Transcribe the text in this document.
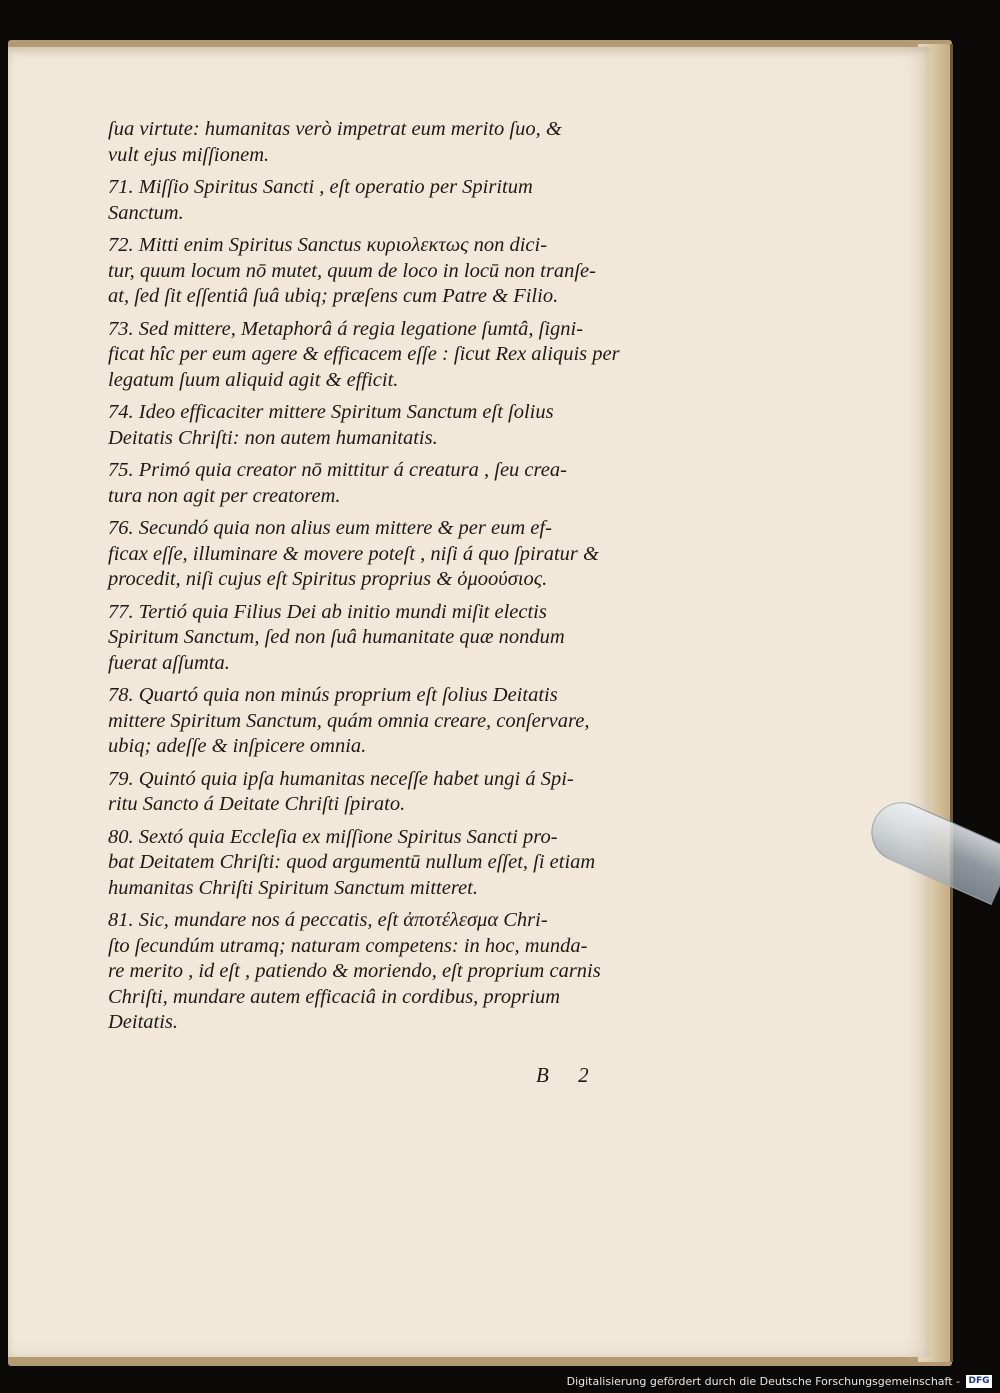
ſua virtute: humanitas verò impetrat eum merito ſuo, &
vult ejus miſſionem.
71. Miſſio Spiritus Sancti , eſt operatio per Spiritum
Sanctum.
72. Mitti enim Spiritus Sanctus κυριολεκτως non dici-
tur, quum locum nō mutet, quum de loco in locū non tranſe-
at, ſed ſit eſſentiâ ſuâ ubiq; præſens cum Patre & Filio.
73. Sed mittere, Metaphorâ á regia legatione ſumtâ, ſigni-
ficat hîc per eum agere & efficacem eſſe : ſicut Rex aliquis per
legatum ſuum aliquid agit & efficit.
74. Ideo efficaciter mittere Spiritum Sanctum eſt ſolius
Deitatis Chriſti: non autem humanitatis.
75. Primó quia creator nō mittitur á creatura , ſeu crea-
tura non agit per creatorem.
76. Secundó quia non alius eum mittere & per eum ef-
ficax eſſe, illuminare & movere poteſt , niſi á quo ſpiratur &
procedit, niſi cujus eſt Spiritus proprius & ὁμοούσιος.
77. Tertió quia Filius Dei ab initio mundi miſit electis
Spiritum Sanctum, ſed non ſuâ humanitate quæ nondum
fuerat aſſumta.
78. Quartó quia non minús proprium eſt ſolius Deitatis
mittere Spiritum Sanctum, quám omnia creare, conſervare,
ubiq; adeſſe & inſpicere omnia.
79. Quintó quia ipſa humanitas neceſſe habet ungi á Spi-
ritu Sancto á Deitate Chriſti ſpirato.
80. Sextó quia Eccleſia ex miſſione Spiritus Sancti pro-
bat Deitatem Chriſti: quod argumentū nullum eſſet, ſi etiam
humanitas Chriſti Spiritum Sanctum mitteret.
81. Sic, mundare nos á peccatis, eſt ἀποτέλεσμα Chri-
ſto ſecundúm utramq; naturam competens: in hoc, munda-
re merito , id eſt , patiendo & moriendo, eſt proprium carnis
Chriſti, mundare autem efficaciâ in cordibus, proprium
Deitatis.
B 2
Digitalisierung gefördert durch die Deutsche Forschungsgemeinschaft - DFG
